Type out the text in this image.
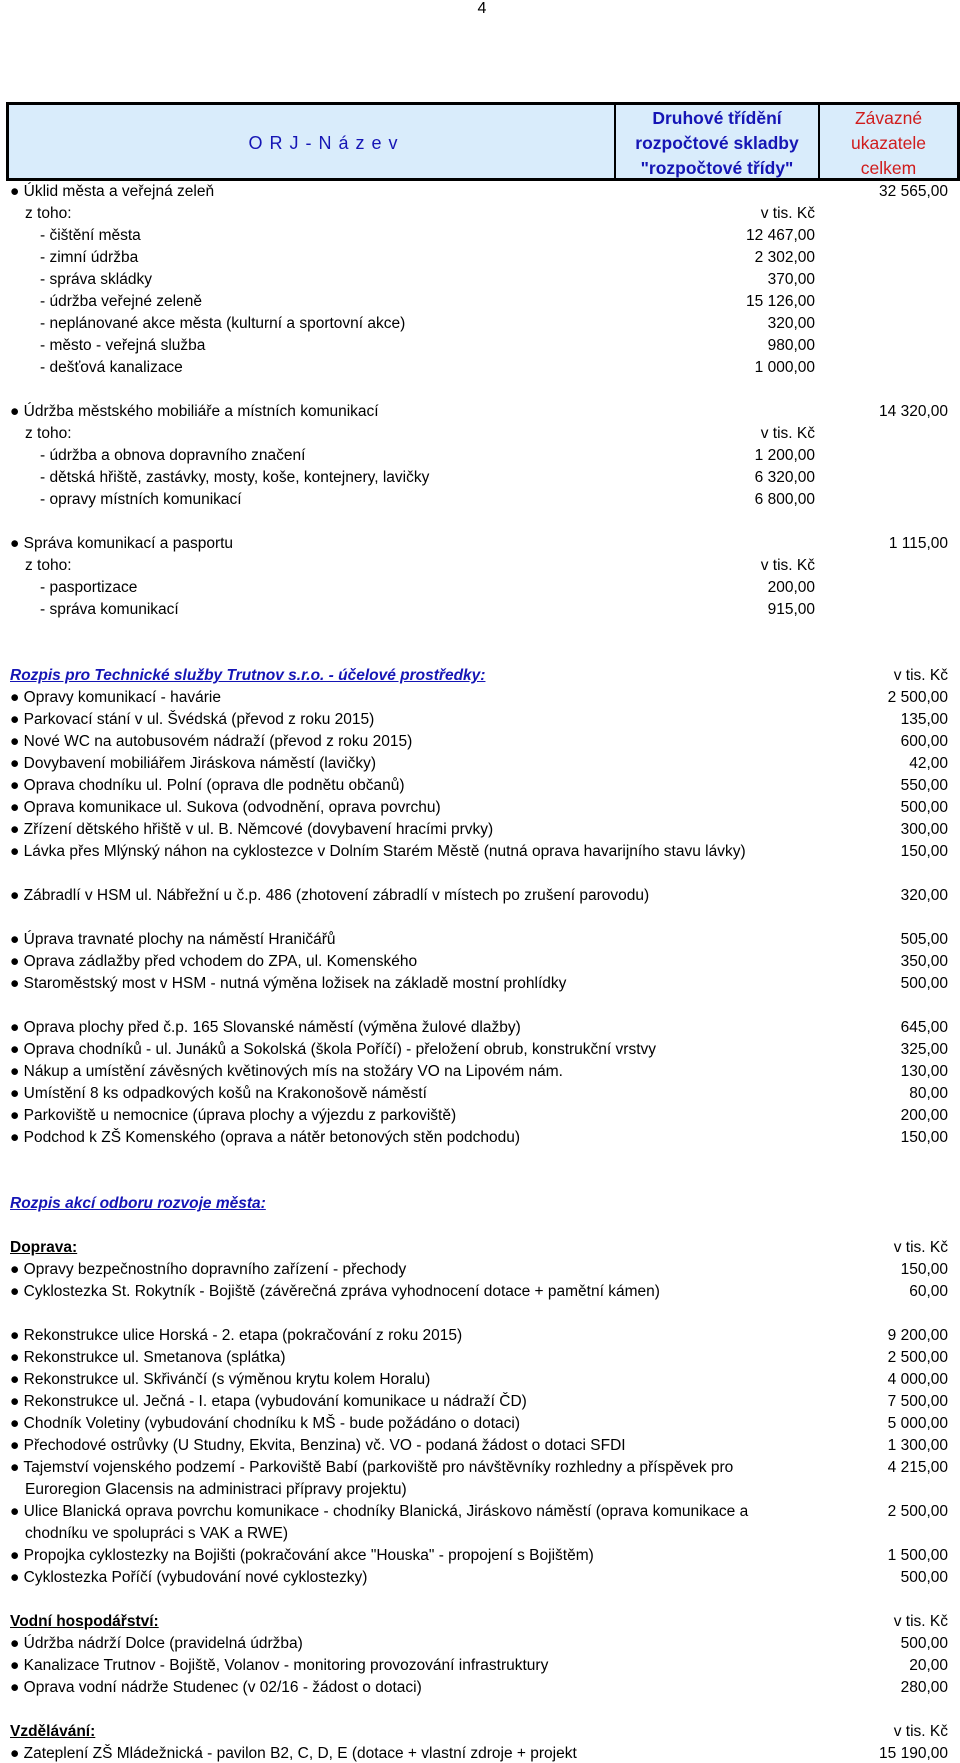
4
O R J - N á z e v
Druhové třídění
rozpočtové skladby
"rozpočtové třídy"
Závazné
ukazatele
celkem
● Úklid města a veřejná zeleň	32 565,00
z toho:	v tis. Kč
- čištění města	12 467,00
- zimní údržba	2 302,00
- správa skládky	370,00
- údržba veřejné zeleně	15 126,00
- neplánované akce města (kulturní a sportovní akce)	320,00
- město - veřejná služba	980,00
- dešťová kanalizace	1 000,00
● Údržba městského mobiliáře a místních komunikací	14 320,00
z toho:	v tis. Kč
- údržba a obnova dopravního značení	1 200,00
- dětská hřiště, zastávky, mosty, koše, kontejnery, lavičky	6 320,00
- opravy místních komunikací	6 800,00
● Správa komunikací a pasportu	1 115,00
z toho:	v tis. Kč
- pasportizace	200,00
- správa komunikací	915,00
Rozpis pro Technické služby Trutnov s.r.o. - účelové prostředky:	v tis. Kč
● Opravy komunikací - havárie	2 500,00
● Parkovací stání v ul. Švédská (převod z roku 2015)	135,00
● Nové WC na autobusovém nádraží (převod z roku 2015)	600,00
● Dovybavení mobiliářem Jiráskova náměstí (lavičky)	42,00
● Oprava chodníku ul. Polní (oprava dle podnětu občanů)	550,00
● Oprava komunikace ul. Sukova (odvodnění, oprava povrchu)	500,00
● Zřízení dětského hřiště v ul. B. Němcové (dovybavení hracími prvky)	300,00
● Lávka přes Mlýnský náhon na cyklostezce v Dolním Starém Městě (nutná oprava havarijního stavu lávky)	150,00
● Zábradlí v HSM ul. Nábřežní u č.p. 486 (zhotovení zábradlí v místech po zrušení parovodu)	320,00
● Úprava travnaté plochy na náměstí Hraničářů	505,00
● Oprava zádlažby před vchodem do ZPA, ul. Komenského	350,00
● Staroměstský most v HSM - nutná výměna ložisek na základě mostní prohlídky	500,00
● Oprava plochy před č.p. 165 Slovanské náměstí (výměna žulové dlažby)	645,00
● Oprava chodníků - ul. Junáků a Sokolská (škola Poříčí) - přeložení obrub, konstrukční vrstvy	325,00
● Nákup a umístění závěsných květinových mís na stožáry VO na Lipovém nám.	130,00
● Umístění 8 ks odpadkových košů na Krakonošově náměstí	80,00
● Parkoviště u nemocnice (úprava plochy a výjezdu z parkoviště)	200,00
● Podchod k ZŠ Komenského (oprava a nátěr betonových stěn podchodu)	150,00
Rozpis akcí odboru rozvoje města:
Doprava:	v tis. Kč
● Opravy bezpečnostního dopravního zařízení - přechody	150,00
● Cyklostezka St. Rokytník - Bojiště (závěrečná zpráva vyhodnocení dotace + pamětní kámen)	60,00
● Rekonstrukce ulice Horská - 2. etapa (pokračování z roku 2015)	9 200,00
● Rekonstrukce ul. Smetanova (splátka)	2 500,00
● Rekonstrukce ul. Skřivánčí (s výměnou krytu kolem Horalu)	4 000,00
● Rekonstrukce ul. Ječná - I. etapa (vybudování komunikace u nádraží ČD)	7 500,00
● Chodník Voletiny (vybudování chodníku k MŠ - bude požádáno o dotaci)	5 000,00
● Přechodové ostrůvky (U Studny, Ekvita, Benzina) vč. VO - podaná žádost o dotaci SFDI	1 300,00
● Tajemství vojenského podzemí - Parkoviště Babí (parkoviště pro návštěvníky rozhledny a příspěvek pro Euroregion Glacensis na administraci přípravy projektu)
4 215,00
● Ulice Blanická oprava povrchu komunikace - chodníky Blanická, Jiráskovo náměstí (oprava komunikace a chodníku ve spolupráci s VAK a RWE)
2 500,00
● Propojka cyklostezky na Bojišti (pokračování akce "Houska" - propojení s Bojištěm)	1 500,00
● Cyklostezka Poříčí (vybudování nové cyklostezky)	500,00
Vodní hospodářství:	v tis. Kč
● Údržba nádrží Dolce (pravidelná údržba)	500,00
● Kanalizace Trutnov - Bojiště, Volanov - monitoring provozování infrastruktury	20,00
● Oprava vodní nádrže Studenec (v 02/16 - žádost o dotaci)	280,00
Vzdělávání:	v tis. Kč
● Zateplení ZŠ Mládežnická - pavilon B2, C, D, E (dotace + vlastní zdroje + projekt	15 190,00
